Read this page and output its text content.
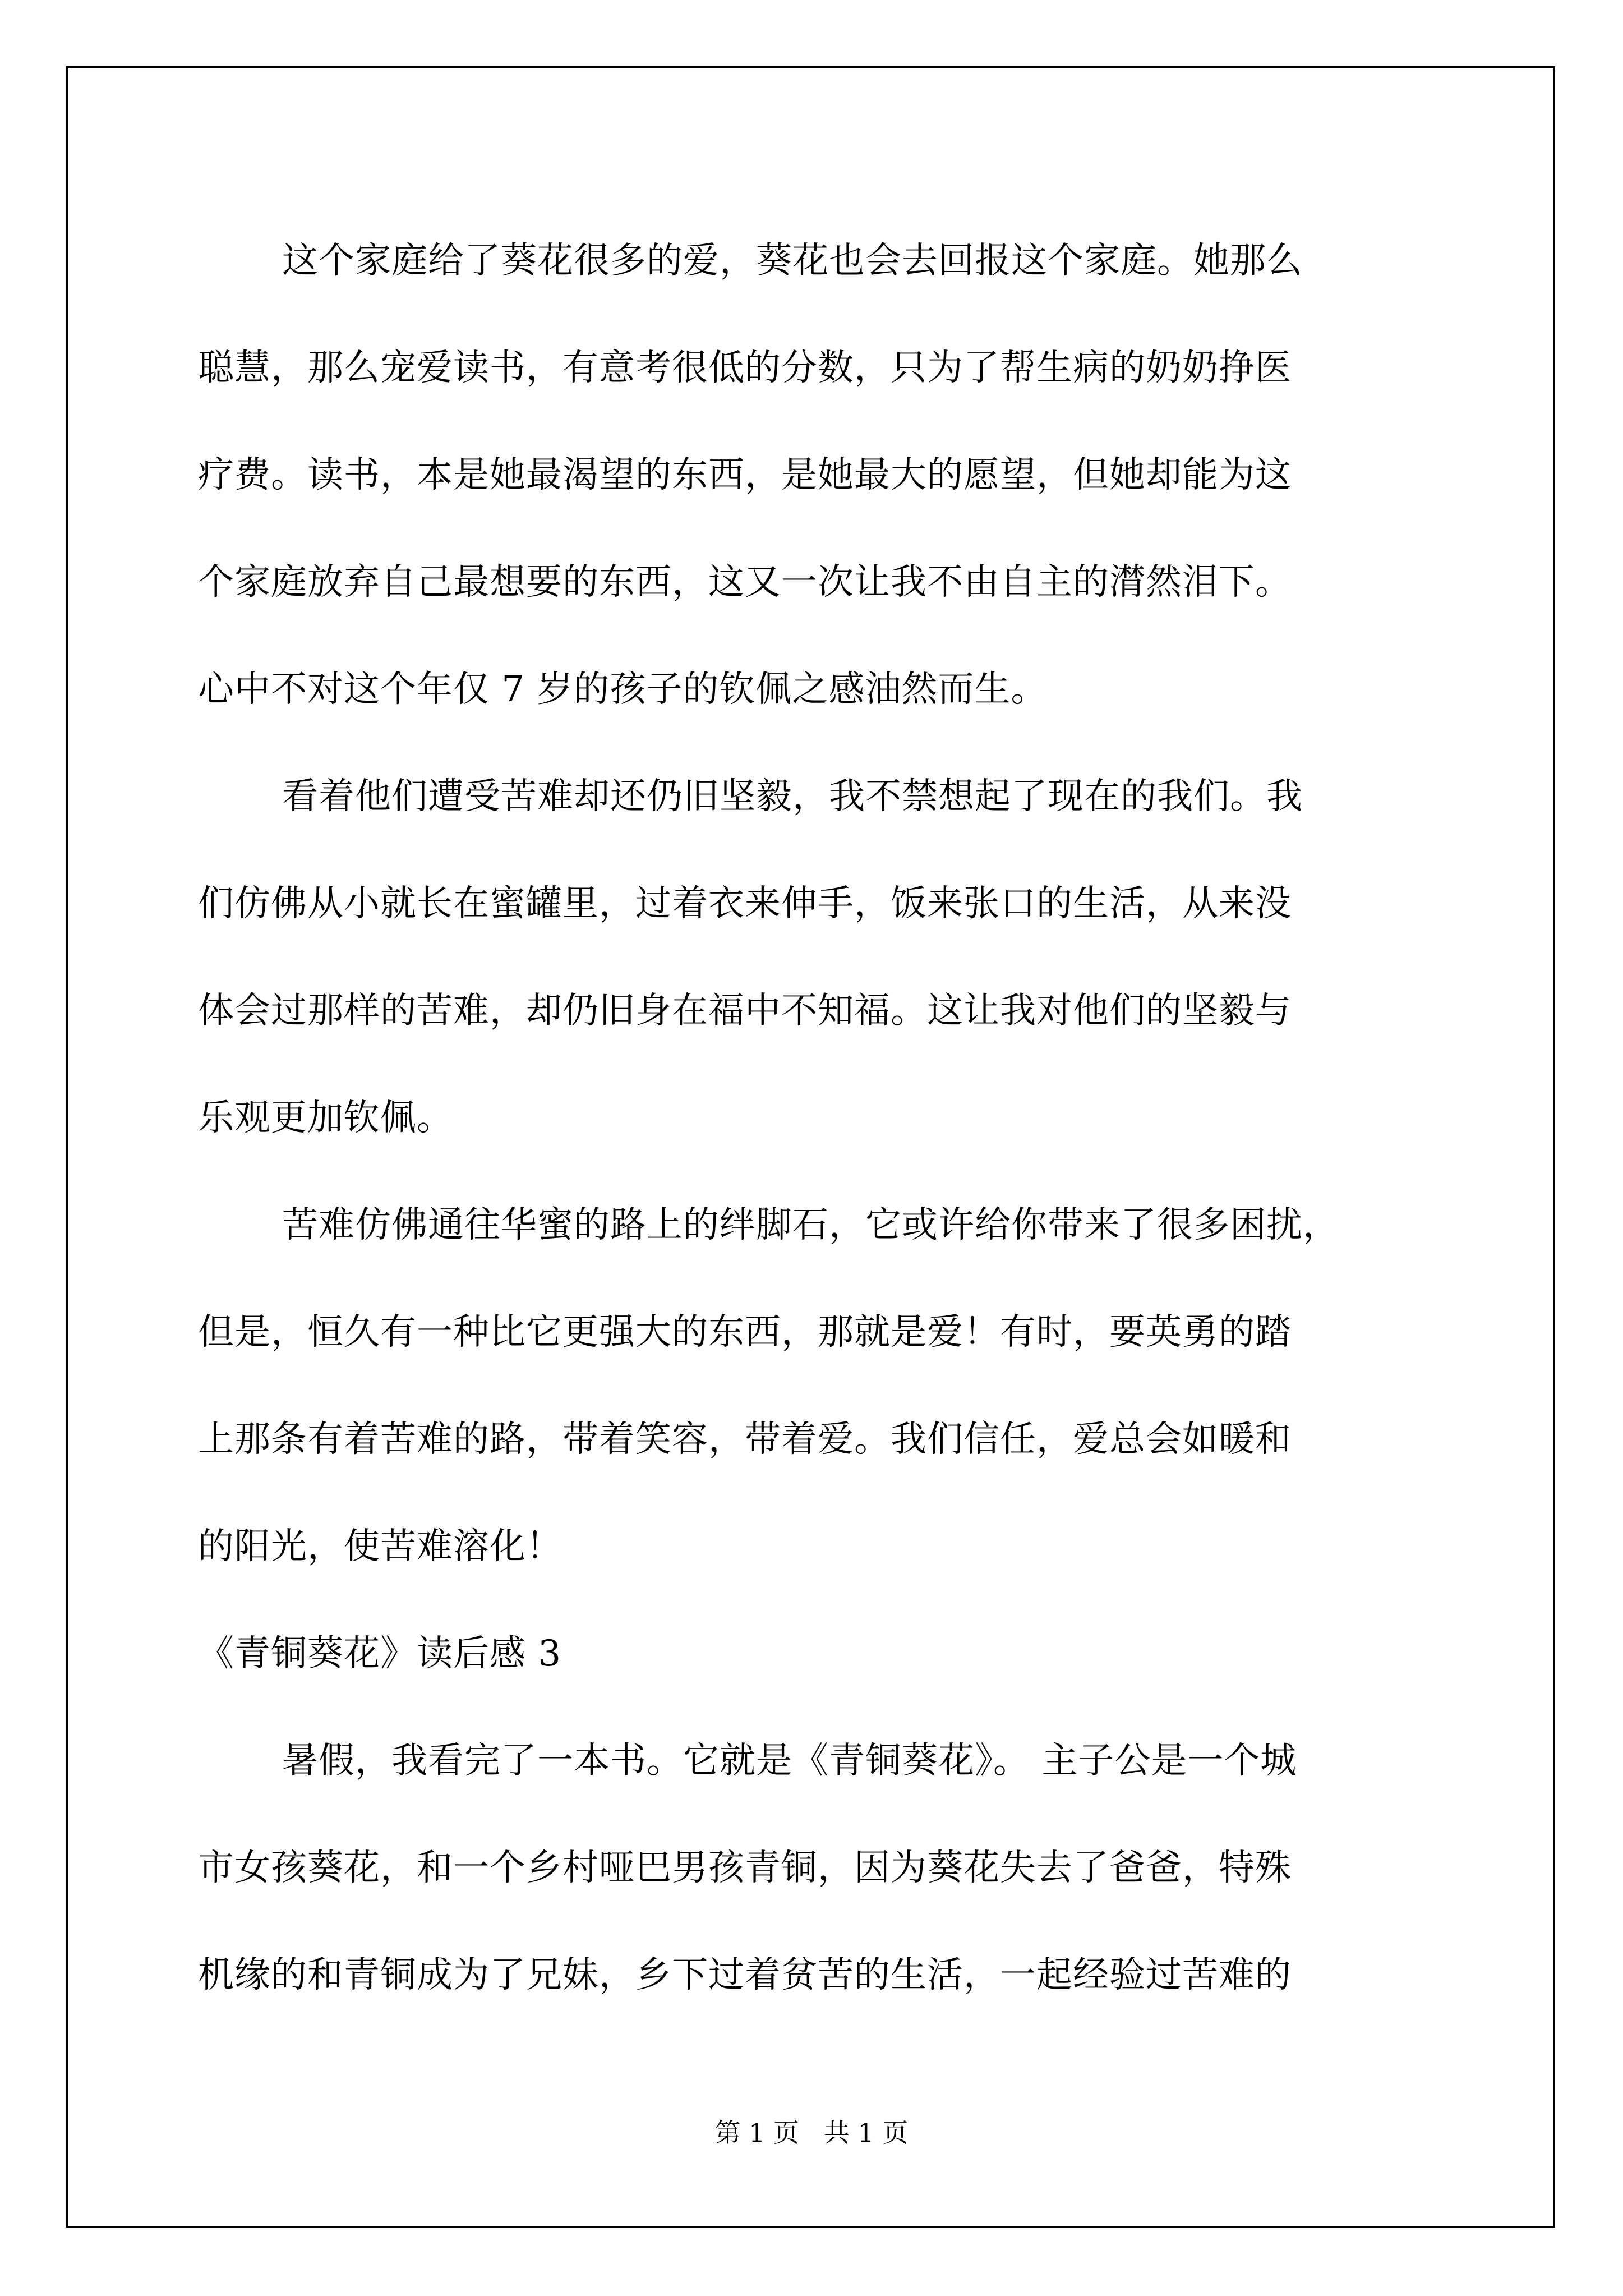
这个家庭给了葵花很多的爱，葵花也会去回报这个家庭。她那么
聪慧，那么宠爱读书，有意考很低的分数，只为了帮生病的奶奶挣医
疗费。读书，本是她最渴望的东西，是她最大的愿望，但她却能为这
个家庭放弃自己最想要的东西，这又一次让我不由自主的潸然泪下。
心中不对这个年仅 7 岁的孩子的钦佩之感油然而生。
看着他们遭受苦难却还仍旧坚毅，我不禁想起了现在的我们。我
们仿佛从小就长在蜜罐里，过着衣来伸手，饭来张口的生活，从来没
体会过那样的苦难，却仍旧身在福中不知福。这让我对他们的坚毅与
乐观更加钦佩。
苦难仿佛通往华蜜的路上的绊脚石，它或许给你带来了很多困扰，
但是，恒久有一种比它更强大的东西，那就是爱！有时，要英勇的踏
上那条有着苦难的路，带着笑容，带着爱。我们信任，爱总会如暖和
的阳光，使苦难溶化！
《青铜葵花》读后感 3
暑假，我看完了一本书。它就是《青铜葵花》。 主子公是一个城
市女孩葵花，和一个乡村哑巴男孩青铜，因为葵花失去了爸爸，特殊
机缘的和青铜成为了兄妹，乡下过着贫苦的生活，一起经验过苦难的
第 1 页   共 1 页
